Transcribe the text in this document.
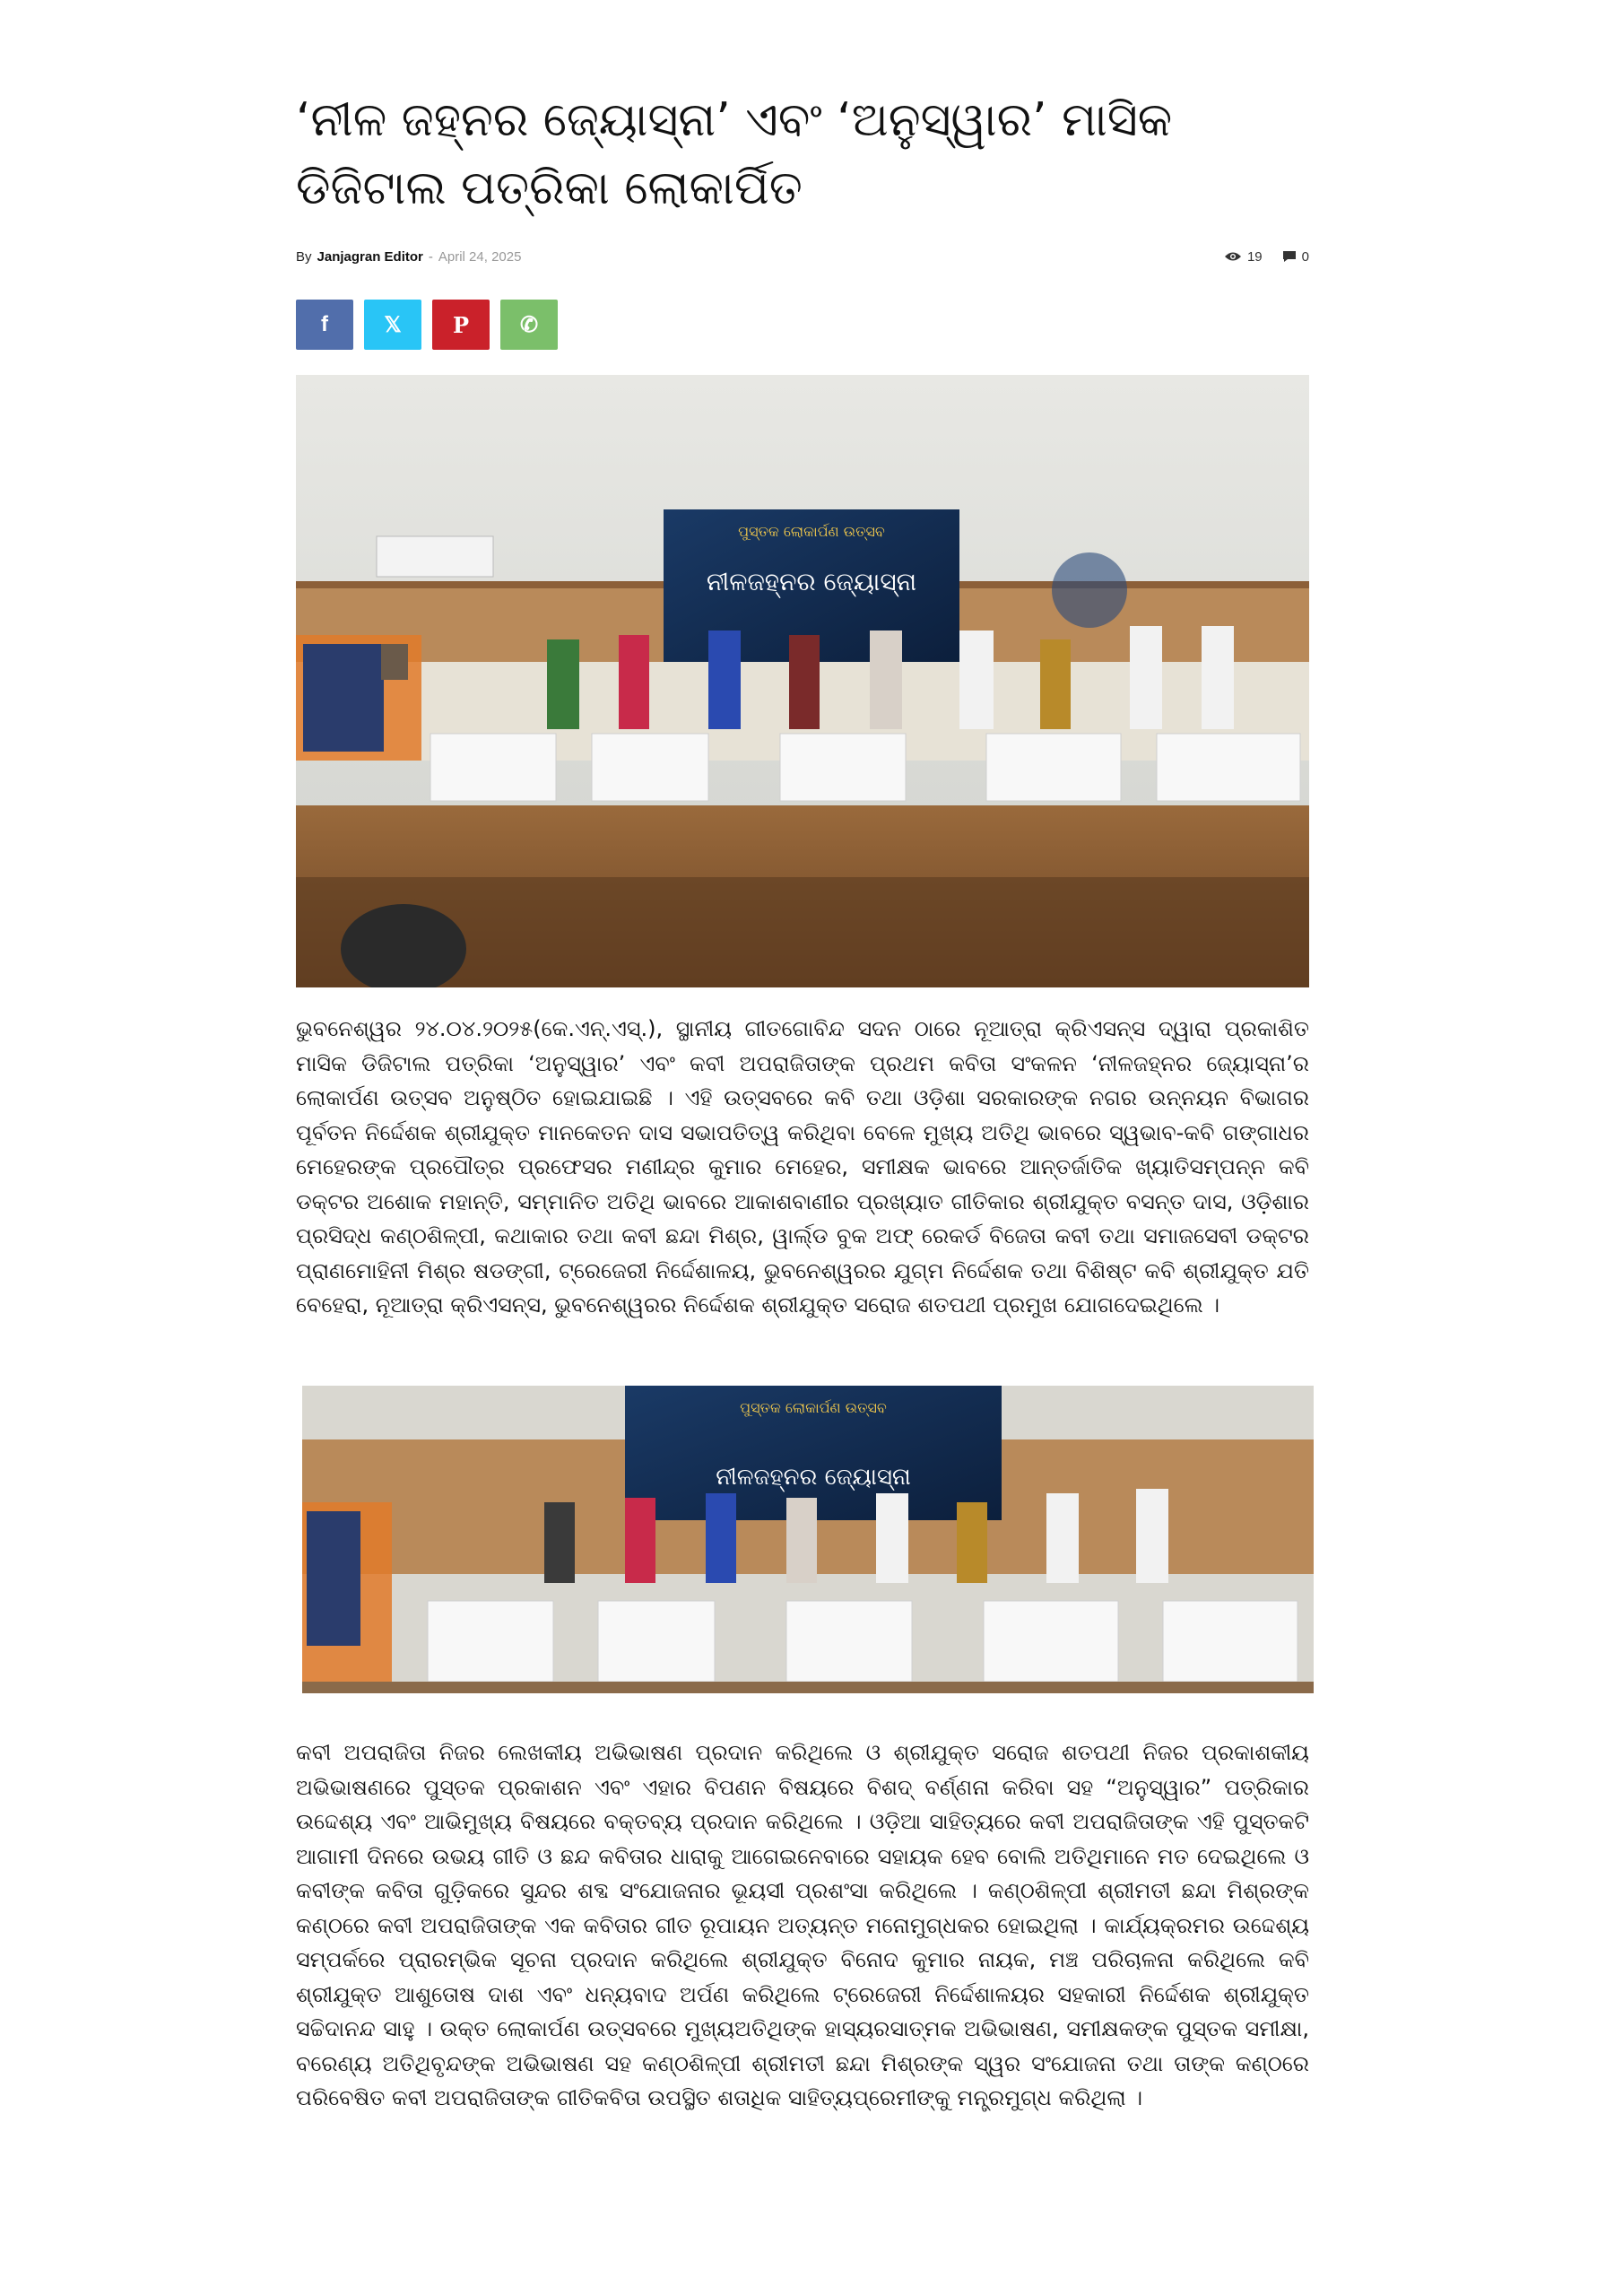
‘ନୀଳ ଜହ୍ନର ଜ୍ୟୋସ୍ନା’ ଏବଂ ‘ଅନୁସ୍ୱାର’ ମାସିକ ଡିଜିଟାଲ ପତ୍ରିକା ଲୋକାର୍ପିତ
By Janjagran Editor - April 24, 2025	19	0
f	𝕏 P ✆
ପୁସ୍ତକ ଲୋକାର୍ପଣ ଉତ୍ସବ
ନୀଳଜହ୍ନର ଜ୍ୟୋସ୍ନା

ଭୁବନେଶ୍ୱର ୨୪.୦୪.୨୦୨୫(କେ.ଏନ୍.ଏସ୍.), ସ୍ଥାନୀୟ ଗୀତଗୋବିନ୍ଦ ସଦନ ଠାରେ ନୂଆତ୍ରା କ୍ରିଏସନ୍ସ ଦ୍ୱାରା ପ୍ରକାଶିତ ମାସିକ ଡିଜିଟାଲ ପତ୍ରିକା ‘ଅନୁସ୍ୱାର’ ଏବଂ କବୀ ଅପରାଜିତାଙ୍କ ପ୍ରଥମ କବିତା ସଂକଳନ ‘ନୀଳଜହ୍ନର ଜ୍ୟୋସ୍ନା’ର ଲୋକାର୍ପଣ ଉତ୍ସବ ଅନୁଷ୍ଠିତ ହୋଇଯାଇଛି । ଏହି ଉତ୍ସବରେ କବି ତଥା ଓଡ଼ିଶା ସରକାରଙ୍କ ନଗର ଉନ୍ନୟନ ବିଭାଗର ପୂର୍ବତନ ନିର୍ଦ୍ଦେଶକ ଶ୍ରୀଯୁକ୍ତ ମାନକେତନ ଦାସ ସଭାପତିତ୍ୱ କରିଥିବା ବେଳେ ମୁଖ୍ୟ ଅତିଥି ଭାବରେ ସ୍ୱଭାବ-କବି ଗଙ୍ଗାଧର ମେହେରଙ୍କ ପ୍ରପୌତ୍ର ପ୍ରଫେସର ମଣୀନ୍ଦ୍ର କୁମାର ମେହେର, ସମୀକ୍ଷକ ଭାବରେ ଆନ୍ତର୍ଜାତିକ ଖ୍ୟାତିସମ୍ପନ୍ନ କବି ଡକ୍ଟର ଅଶୋକ ମହାନ୍ତି, ସମ୍ମାନିତ ଅତିଥି ଭାବରେ ଆକାଶବାଣୀର ପ୍ରଖ୍ୟାତ ଗୀତିକାର ଶ୍ରୀଯୁକ୍ତ ବସନ୍ତ ଦାସ, ଓଡ଼ିଶାର ପ୍ରସିଦ୍ଧ କଣ୍ଠଶିଳ୍ପୀ, କଥାକାର ତଥା କବୀ ଛନ୍ଦା ମିଶ୍ର, ୱାର୍ଲ୍ଡ ବୁକ ଅଫ୍ ରେକର୍ଡ ବିଜେତା କବୀ ତଥା ସମାଜସେବୀ ଡକ୍ଟର ପ୍ରାଣମୋହିନୀ ମିଶ୍ର ଷଡଙ୍ଗୀ, ଟ୍ରେଜେରୀ ନିର୍ଦ୍ଦେଶାଳୟ, ଭୁବନେଶ୍ୱରର ଯୁଗ୍ମ ନିର୍ଦ୍ଦେଶକ ତଥା ବିଶିଷ୍ଟ କବି ଶ୍ରୀଯୁକ୍ତ ଯତି ବେହେରା, ନୂଆତ୍ରା କ୍ରିଏସନ୍ସ, ଭୁବନେଶ୍ୱରର ନିର୍ଦ୍ଦେଶକ ଶ୍ରୀଯୁକ୍ତ ସରୋଜ ଶତପଥୀ ପ୍ରମୁଖ ଯୋଗଦେଇଥିଲେ ।

ପୁସ୍ତକ ଲୋକାର୍ପଣ ଉତ୍ସବ
ନୀଳଜହ୍ନର ଜ୍ୟୋସ୍ନା

କବୀ ଅପରାଜିତା ନିଜର ଲେଖକୀୟ ଅଭିଭାଷଣ ପ୍ରଦାନ କରିଥିଲେ ଓ ଶ୍ରୀଯୁକ୍ତ ସରୋଜ ଶତପଥୀ ନିଜର ପ୍ରକାଶକୀୟ ଅଭିଭାଷଣରେ ପୁସ୍ତକ ପ୍ରକାଶନ ଏବଂ ଏହାର ବିପଣନ ବିଷୟରେ ବିଶଦ୍ ବର୍ଣ୍ଣନା କରିବା ସହ “ଅନୁସ୍ୱାର” ପତ୍ରିକାର ଉଦ୍ଦେଶ୍ୟ ଏବଂ ଆଭିମୁଖ୍ୟ ବିଷୟରେ ବକ୍ତବ୍ୟ ପ୍ରଦାନ କରିଥିଲେ । ଓଡ଼ିଆ ସାହିତ୍ୟରେ କବୀ ଅପରାଜିତାଙ୍କ ଏହି ପୁସ୍ତକଟି ଆଗାମୀ ଦିନରେ ଉଭୟ ଗୀତି ଓ ଛନ୍ଦ କବିତାର ଧାରାକୁ ଆଗେଇନେବାରେ ସହାୟକ ହେବ ବୋଲି ଅତିଥିମାନେ ମତ ଦେଇଥିଲେ ଓ କବୀଙ୍କ କବିତା ଗୁଡ଼ିକରେ ସୁନ୍ଦର ଶବ୍ଦ ସଂଯୋଜନାର ଭୂୟସୀ ପ୍ରଶଂସା କରିଥିଲେ । କଣ୍ଠଶିଳ୍ପୀ ଶ୍ରୀମତୀ ଛନ୍ଦା ମିଶ୍ରଙ୍କ କଣ୍ଠରେ କବୀ ଅପରାଜିତାଙ୍କ ଏକ କବିତାର ଗୀତ ରୂପାୟନ ଅତ୍ୟନ୍ତ ମନୋମୁଗ୍ଧକର ହୋଇଥିଲା । କାର୍ଯ୍ୟକ୍ରମର ଉଦ୍ଦେଶ୍ୟ ସମ୍ପର୍କରେ ପ୍ରାରମ୍ଭିକ ସୂଚନା ପ୍ରଦାନ କରିଥିଲେ ଶ୍ରୀଯୁକ୍ତ ବିନୋଦ କୁମାର ନାୟକ, ମଞ୍ଚ ପରିଚାଳନା କରିଥିଲେ କବି ଶ୍ରୀଯୁକ୍ତ ଆଶୁତୋଷ ଦାଶ ଏବଂ ଧନ୍ୟବାଦ ଅର୍ପଣ କରିଥିଲେ ଟ୍ରେଜେରୀ ନିର୍ଦ୍ଦେଶାଳୟର ସହକାରୀ ନିର୍ଦ୍ଦେଶକ ଶ୍ରୀଯୁକ୍ତ ସଚ୍ଚିଦାନନ୍ଦ ସାହୁ । ଉକ୍ତ ଲୋକାର୍ପଣ ଉତ୍ସବରେ ମୁଖ୍ୟଅତିଥିଙ୍କ ହାସ୍ୟରସାତ୍ମକ ଅଭିଭାଷଣ, ସମୀକ୍ଷକଙ୍କ ପୁସ୍ତକ ସମୀକ୍ଷା, ବରେଣ୍ୟ ଅତିଥିବୃନ୍ଦଙ୍କ ଅଭିଭାଷଣ ସହ କଣ୍ଠଶିଳ୍ପୀ ଶ୍ରୀମତୀ ଛନ୍ଦା ମିଶ୍ରଙ୍କ ସ୍ୱର ସଂଯୋଜନା ତଥା ତାଙ୍କ କଣ୍ଠରେ ପରିବେଷିତ କବୀ ଅପରାଜିତାଙ୍କ ଗୀତିକବିତା ଉପସ୍ଥିତ ଶତାଧିକ ସାହିତ୍ୟପ୍ରେମୀଙ୍କୁ ମନ୍ତ୍ରମୁଗ୍ଧ କରିଥିଲା ।
